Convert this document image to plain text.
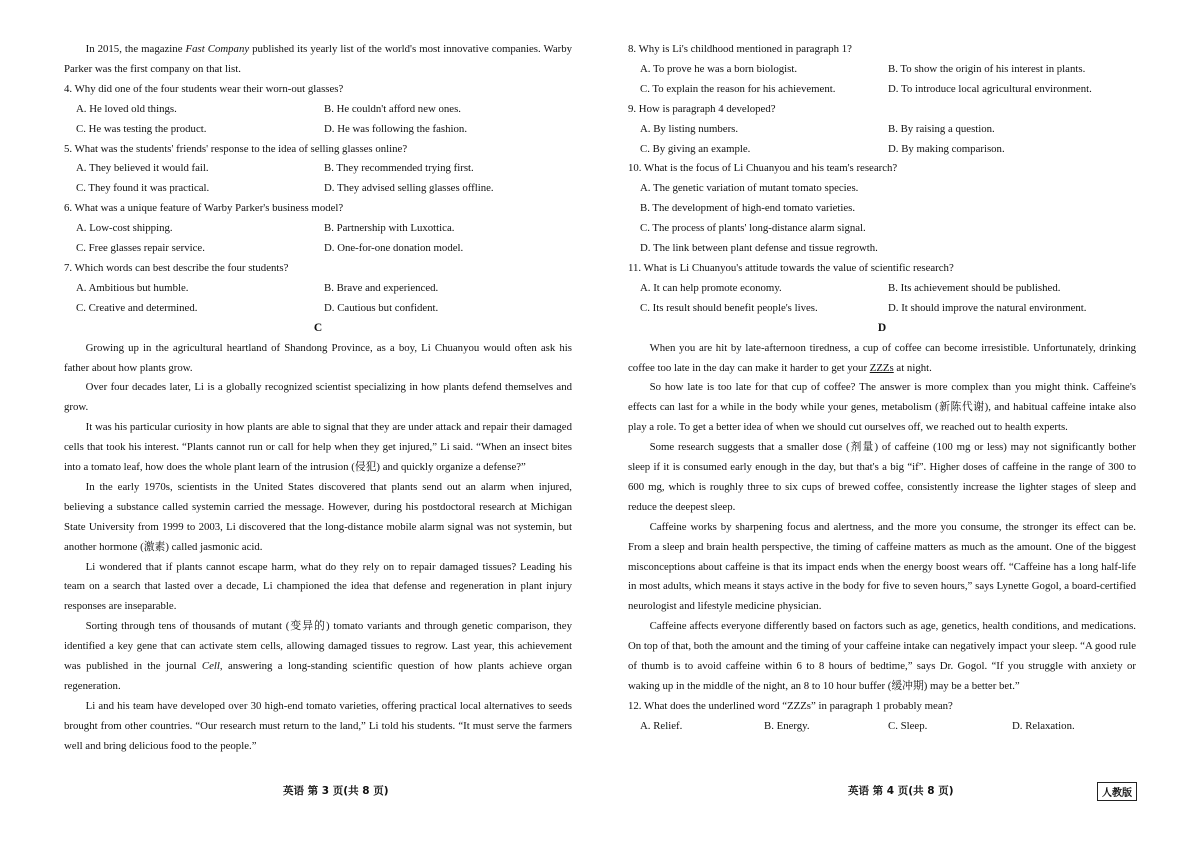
In 2015, the magazine Fast Company published its yearly list of the world's most innovative companies. Warby Parker was the first company on that list.

4. Why did one of the four students wear their worn-out glasses?
A. He loved old things.	B. He couldn't afford new ones.
C. He was testing the product.	D. He was following the fashion.
5. What was the students' friends' response to the idea of selling glasses online?
A. They believed it would fail.	B. They recommended trying first.
C. They found it was practical.	D. They advised selling glasses offline.
6. What was a unique feature of Warby Parker's business model?
A. Low-cost shipping.	B. Partnership with Luxottica.
C. Free glasses repair service.	D. One-for-one donation model.
7. Which words can best describe the four students?
A. Ambitious but humble.	B. Brave and experienced.
C. Creative and determined.	D. Cautious but confident.
C

Growing up in the agricultural heartland of Shandong Province, as a boy, Li Chuanyou would often ask his father about how plants grow.

Over four decades later, Li is a globally recognized scientist specializing in how plants defend themselves and grow.

It was his particular curiosity in how plants are able to signal that they are under attack and repair their damaged cells that took his interest. “Plants cannot run or call for help when they get injured,” Li said. “When an insect bites into a tomato leaf, how does the whole plant learn of the intrusion (侵犯) and quickly organize a defense?”

In the early 1970s, scientists in the United States discovered that plants send out an alarm when injured, believing a substance called systemin carried the message. However, during his postdoctoral research at Michigan State University from 1999 to 2003, Li discovered that the long-distance mobile alarm signal was not systemin, but another hormone (激素) called jasmonic acid.

Li wondered that if plants cannot escape harm, what do they rely on to repair damaged tissues? Leading his team on a search that lasted over a decade, Li championed the idea that defense and regeneration in plant injury responses are inseparable.

Sorting through tens of thousands of mutant (变异的) tomato variants and through genetic comparison, they identified a key gene that can activate stem cells, allowing damaged tissues to regrow. Last year, this achievement was published in the journal Cell, answering a long-standing scientific question of how plants achieve organ regeneration.

Li and his team have developed over 30 high-end tomato varieties, offering practical local alternatives to seeds brought from other countries. “Our research must return to the land,” Li told his students. “It must serve the farmers well and bring delicious food to the people.”

英语 第 3 页(共 8 页)
8. Why is Li's childhood mentioned in paragraph 1?
A. To prove he was a born biologist.	B. To show the origin of his interest in plants.
C. To explain the reason for his achievement.	D. To introduce local agricultural environment.
9. How is paragraph 4 developed?
A. By listing numbers.	B. By raising a question.
C. By giving an example.	D. By making comparison.
10. What is the focus of Li Chuanyou and his team's research?
A. The genetic variation of mutant tomato species.
B. The development of high-end tomato varieties.
C. The process of plants' long-distance alarm signal.
D. The link between plant defense and tissue regrowth.
11. What is Li Chuanyou's attitude towards the value of scientific research?
A. It can help promote economy.	B. Its achievement should be published.
C. Its result should benefit people's lives.	D. It should improve the natural environment.
D

When you are hit by late-afternoon tiredness, a cup of coffee can become irresistible. Unfortunately, drinking coffee too late in the day can make it harder to get your ZZZs at night.

So how late is too late for that cup of coffee? The answer is more complex than you might think. Caffeine's effects can last for a while in the body while your genes, metabolism (新陈代谢), and habitual caffeine intake also play a role. To get a better idea of when we should cut ourselves off, we reached out to health experts.

Some research suggests that a smaller dose (剂量) of caffeine (100 mg or less) may not significantly bother sleep if it is consumed early enough in the day, but that's a big “if”. Higher doses of caffeine in the range of 300 to 600 mg, which is roughly three to six cups of brewed coffee, consistently increase the lighter stages of sleep and reduce the deepest sleep.

Caffeine works by sharpening focus and alertness, and the more you consume, the stronger its effect can be. From a sleep and brain health perspective, the timing of caffeine matters as much as the amount. One of the biggest misconceptions about caffeine is that its impact ends when the energy boost wears off. “Caffeine has a long half-life in most adults, which means it stays active in the body for five to seven hours,” says Lynette Gogol, a board-certified neurologist and lifestyle medicine physician.

Caffeine affects everyone differently based on factors such as age, genetics, health conditions, and medications. On top of that, both the amount and the timing of your caffeine intake can negatively impact your sleep. “A good rule of thumb is to avoid caffeine within 6 to 8 hours of bedtime,” says Dr. Gogol. “If you struggle with anxiety or waking up in the middle of the night, an 8 to 10 hour buffer (缓冲期) may be a better bet.”

12. What does the underlined word “ZZZs” in paragraph 1 probably mean?
A. Relief.	B. Energy.	C. Sleep.	D. Relaxation.
英语 第 4 页(共 8 页)	人教版
